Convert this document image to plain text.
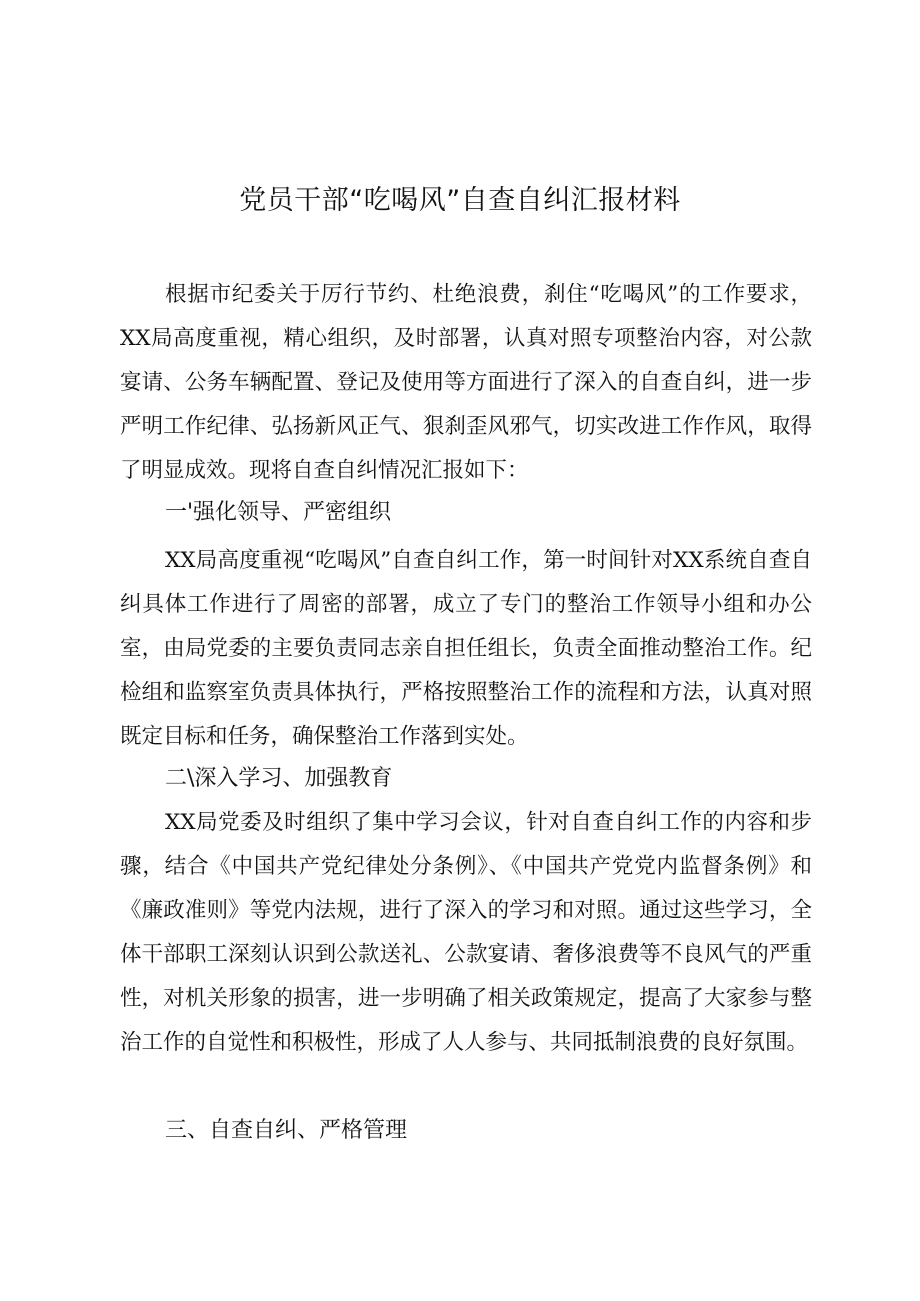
党员干部“吃喝风”自查自纠汇报材料

根据市纪委关于厉行节约、杜绝浪费，刹住“吃喝风”的工作要求，XX局高度重视，精心组织，及时部署，认真对照专项整治内容，对公款宴请、公务车辆配置、登记及使用等方面进行了深入的自查自纠，进一步严明工作纪律、弘扬新风正气、狠刹歪风邪气，切实改进工作作风，取得了明显成效。现将自查自纠情况汇报如下：

一'强化领导、严密组织

XX局高度重视“吃喝风”自查自纠工作，第一时间针对XX系统自查自纠具体工作进行了周密的部署，成立了专门的整治工作领导小组和办公室，由局党委的主要负责同志亲自担任组长，负责全面推动整治工作。纪检组和监察室负责具体执行，严格按照整治工作的流程和方法，认真对照既定目标和任务，确保整治工作落到实处。

二\深入学习、加强教育

XX局党委及时组织了集中学习会议，针对自查自纠工作的内容和步骤，结合《中国共产党纪律处分条例》、《中国共产党党内监督条例》和《廉政准则》等党内法规，进行了深入的学习和对照。通过这些学习，全体干部职工深刻认识到公款送礼、公款宴请、奢侈浪费等不良风气的严重性，对机关形象的损害，进一步明确了相关政策规定，提高了大家参与整治工作的自觉性和积极性，形成了人人参与、共同抵制浪费的良好氛围。

三、自查自纠、严格管理
